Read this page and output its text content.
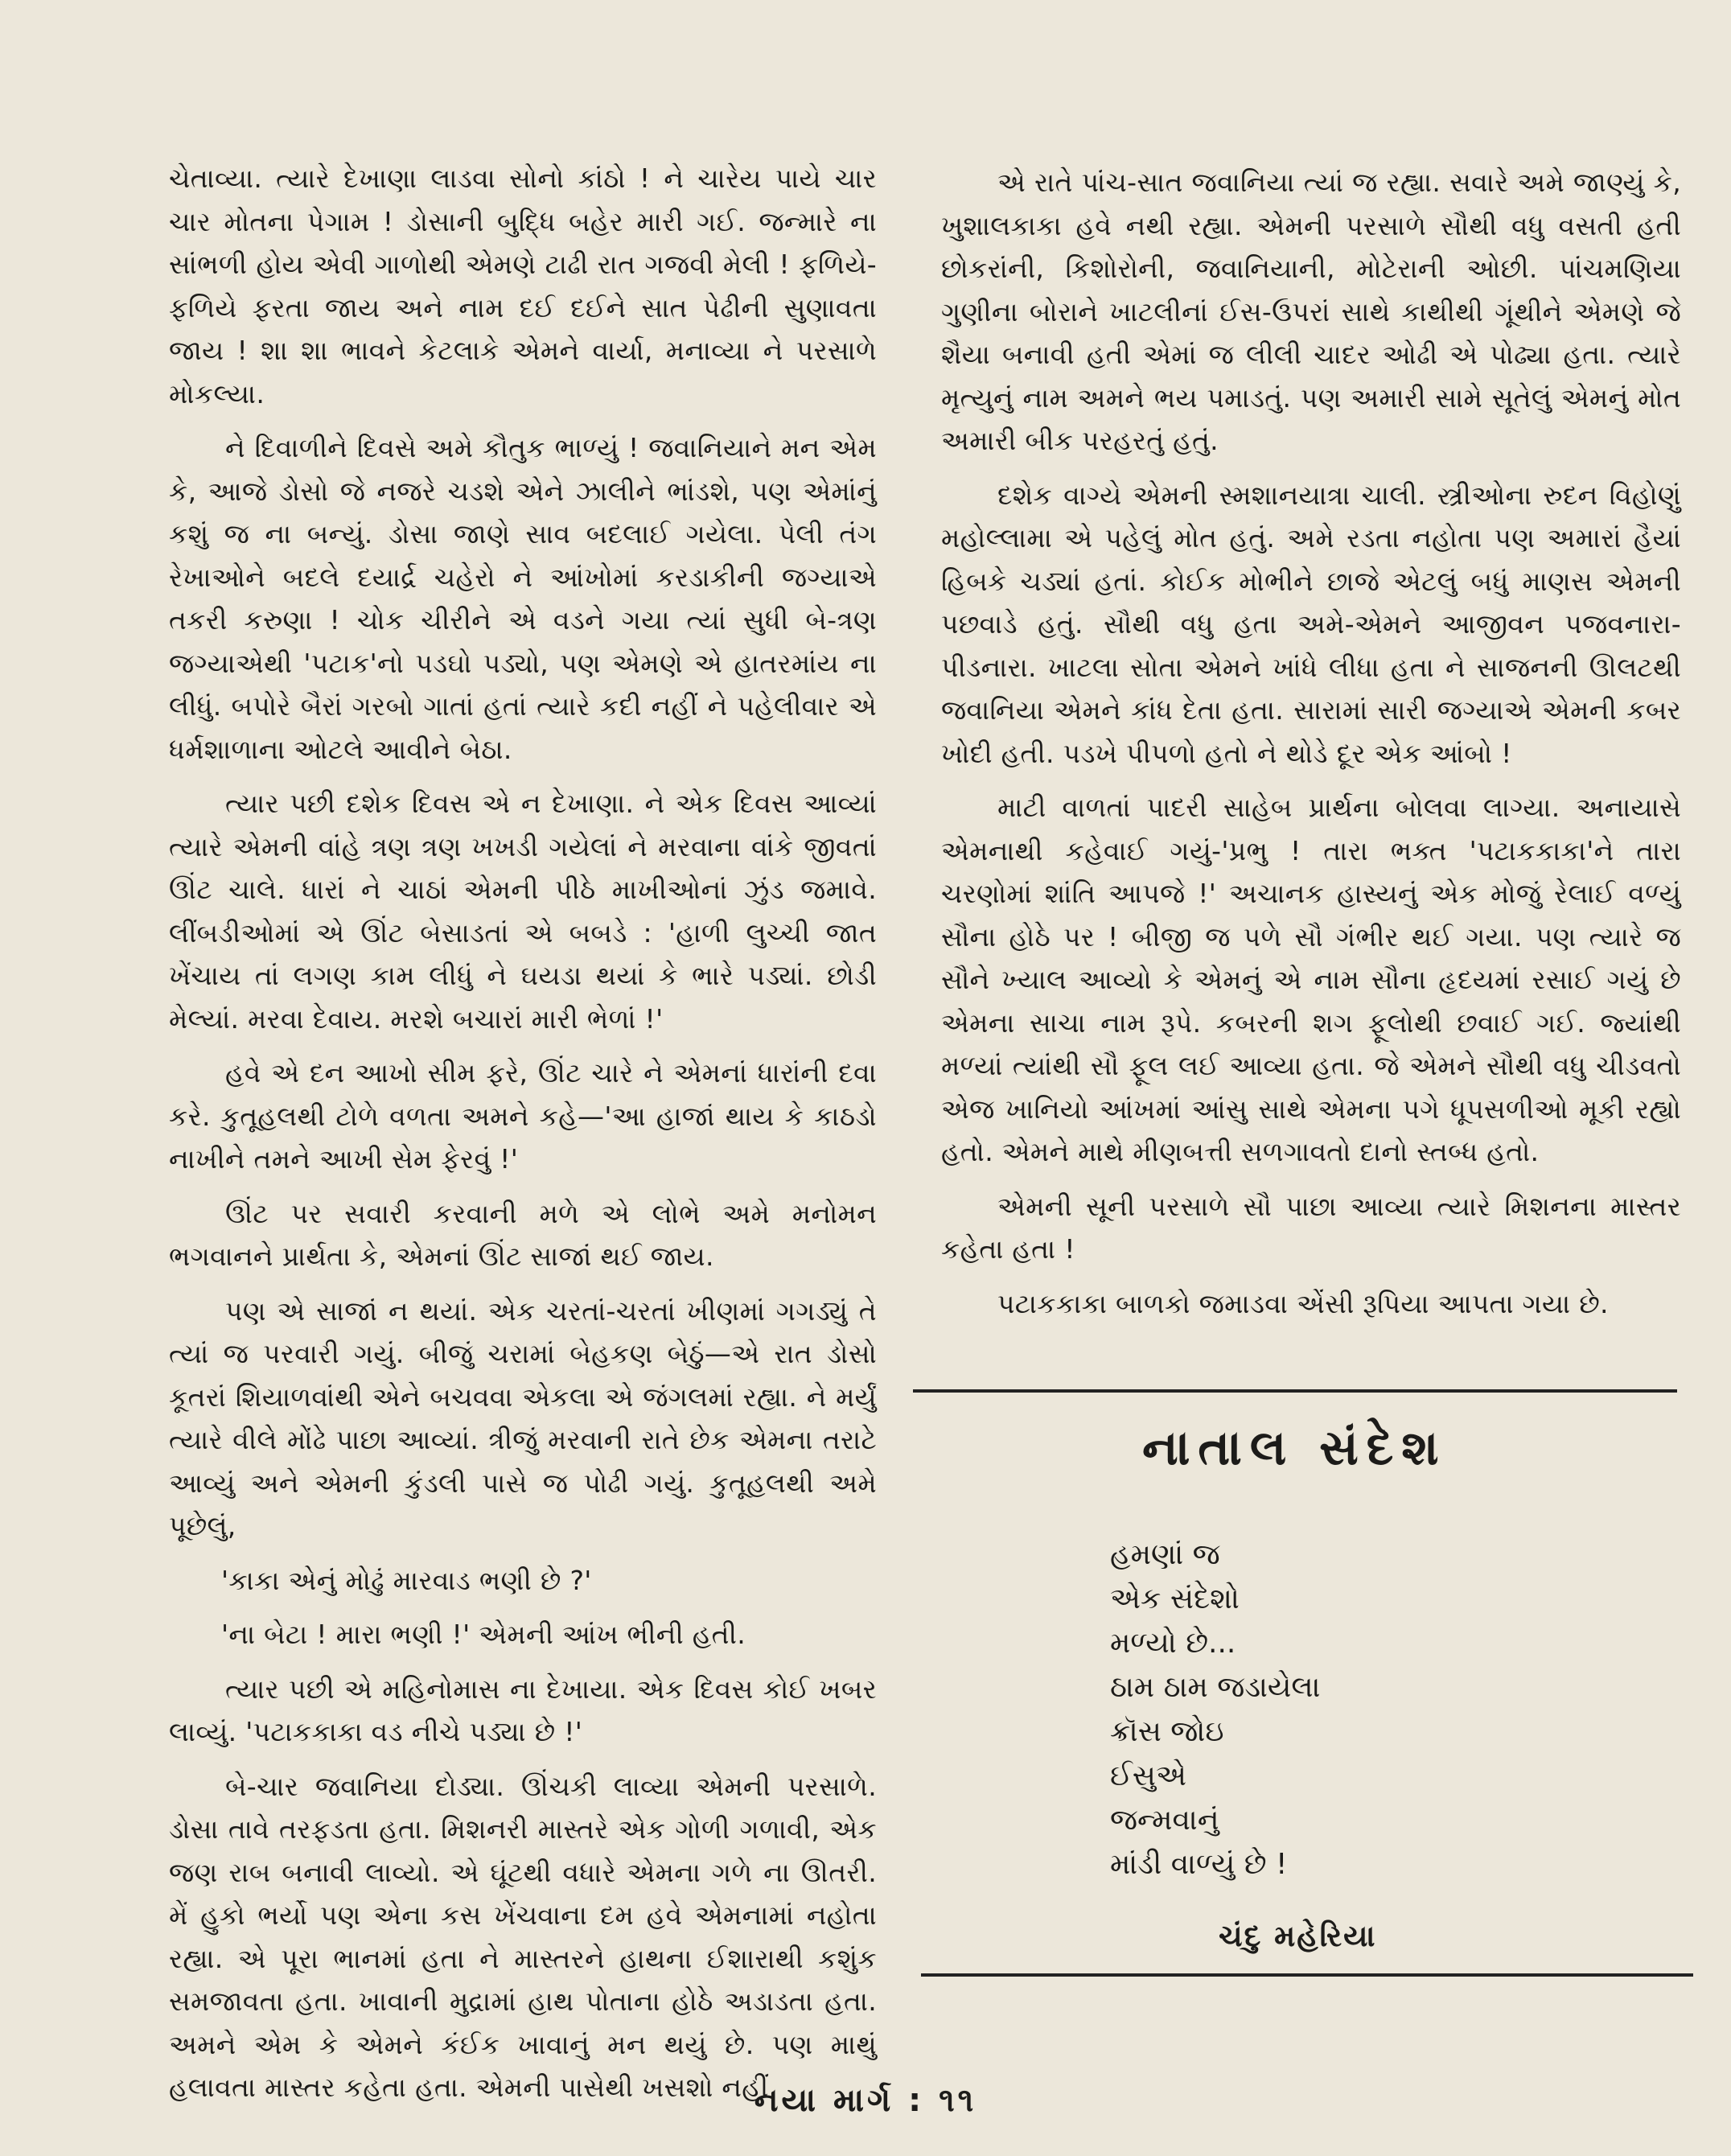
ચેતાવ્યા. ત્યારે દેખાણા લાડવા સોનો કાંઠો ! ને ચારેય પાયે ચાર ચાર મોતના પેગામ ! ડોસાની બુદ્ધિ બહેર મારી ગઈ. જન્મારે ના સાંભળી હોય એવી ગાળોથી એમણે ટાઢી રાત ગજવી મેલી ! ફળિયે-ફળિયે ફરતા જાય અને નામ દઈ દઈને સાત પેઢીની સુણાવતા જાય ! શા શા ભાવને કેટલાકે એમને વાર્યા, મનાવ્યા ને પરસાળે મોકલ્યા.

ને દિવાળીને દિવસે અમે કૌતુક ભાળ્યું ! જવાનિયાને મન એમ કે, આજે ડોસો જે નજરે ચડશે એને ઝાલીને ભાંડશે, પણ એમાંનું કશું જ ના બન્યું. ડોસા જાણે સાવ બદલાઈ ગયેલા. પેલી તંગ રેખાઓને બદલે દયાર્દ્ર ચહેરો ને આંખોમાં કરડાકીની જગ્યાએ તકરી કરુણા ! ચોક ચીરીને એ વડને ગયા ત્યાં સુધી બે-ત્રણ જગ્યાએથી 'પટાક'નો પડઘો પડ્યો, પણ એમણે એ હાતરમાંય ના લીધું. બપોરે બૈરાં ગરબો ગાતાં હતાં ત્યારે કદી નહીં ને પહેલીવાર એ ધર્મશાળાના ઓટલે આવીને બેઠા.

ત્યાર પછી દશેક દિવસ એ ન દેખાણા. ને એક દિવસ આવ્યાં ત્યારે એમની વાંહે ત્રણ ત્રણ ખખડી ગયેલાં ને મરવાના વાંકે જીવતાં ઊંટ ચાલે. ધારાં ને ચાઠાં એમની પીઠે માખીઓનાં ઝુંડ જમાવે. લીંબડીઓમાં એ ઊંટ બેસાડતાં એ બબડે : 'હાળી લુચ્ચી જાત ખેંચાય તાં લગણ કામ લીધું ને ઘયડા થયાં કે ભારે પડ્યાં. છોડી મેલ્યાં. મરવા દેવાય. મરશે બચારાં મારી ભેળાં !'

હવે એ દન આખો સીમ ફરે, ઊંટ ચારે ને એમનાં ધારાંની દવા કરે. કુતૂહલથી ટોળે વળતા અમને કહે—'આ હાજાં થાય કે કાઠડો નાખીને તમને આખી સેમ ફેરવું !'

ઊંટ પર સવારી કરવાની મળે એ લોભે અમે મનોમન ભગવાનને પ્રાર્થતા કે, એમનાં ઊંટ સાજાં થઈ જાય.

પણ એ સાજાં ન થયાં. એક ચરતાં-ચરતાં ખીણમાં ગગડ્યું તે ત્યાં જ પરવારી ગયું. બીજું ચરામાં બેહકણ બેઠું—એ રાત ડોસો કૂતરાં શિયાળવાંથી એને બચવવા એકલા એ જંગલમાં રહ્યા. ને મર્યું ત્યારે વીલે મોંઢે પાછા આવ્યાં. ત્રીજું મરવાની રાતે છેક એમના તરાટે આવ્યું અને એમની કુંડલી પાસે જ પોઢી ગયું. કુતૂહલથી અમે પૂછેલું,

'કાકા એનું મોઢું મારવાડ ભણી છે ?'

'ના બેટા ! મારા ભણી !' એમની આંખ ભીની હતી.

ત્યાર પછી એ મહિનોમાસ ના દેખાયા. એક દિવસ કોઈ ખબર લાવ્યું. 'પટાકકાકા વડ નીચે પડ્યા છે !'

બે-ચાર જવાનિયા દોડ્યા. ઊંચકી લાવ્યા એમની પરસાળે. ડોસા તાવે તરફડતા હતા. મિશનરી માસ્તરે એક ગોળી ગળાવી, એક જણ રાબ બનાવી લાવ્યો. એ ઘૂંટથી વધારે એમના ગળે ના ઊતરી. મેં હુકો ભર્યો પણ એના કસ ખેંચવાના દમ હવે એમનામાં નહોતા રહ્યા. એ પૂરા ભાનમાં હતા ને માસ્તરને હાથના ઈશારાથી કશુંક સમજાવતા હતા. ખાવાની મુદ્રામાં હાથ પોતાના હોઠે અડાડતા હતા. અમને એમ કે એમને કંઈક ખાવાનું મન થયું છે. પણ માથું હલાવતા માસ્તર કહેતા હતા. એમની પાસેથી ખસશો નહીં.

એ રાતે પાંચ-સાત જવાનિયા ત્યાં જ રહ્યા. સવારે અમે જાણ્યું કે, ખુશાલકાકા હવે નથી રહ્યા. એમની પરસાળે સૌથી વધુ વસતી હતી છોકરાંની, કિશોરોની, જવાનિયાની, મોટેરાની ઓછી. પાંચમણિયા ગુણીના બોરાને ખાટલીનાં ઈસ-ઉપરાં સાથે કાથીથી ગૂંથીને એમણે જે શૈયા બનાવી હતી એમાં જ લીલી ચાદર ઓઢી એ પોઢ્યા હતા. ત્યારે મૃત્યુનું નામ અમને ભય પમાડતું. પણ અમારી સામે સૂતેલું એમનું મોત અમારી બીક પરહરતું હતું.

દશેક વાગ્યે એમની સ્મશાનયાત્રા ચાલી. સ્ત્રીઓના રુદન વિહોણું મહોલ્લામા એ પહેલું મોત હતું. અમે રડતા નહોતા પણ અમારાં હૈયાં હિબકે ચડ્યાં હતાં. કોઈક મોભીને છાજે એટલું બધું માણસ એમની પછવાડે હતું. સૌથી વધુ હતા અમે-એમને આજીવન પજવનારા-પીડનારા. ખાટલા સોતા એમને ખાંધે લીધા હતા ને સાજનની ઊલટથી જવાનિયા એમને કાંધ દેતા હતા. સારામાં સારી જગ્યાએ એમની કબર ખોદી હતી. પડખે પીપળો હતો ને થોડે દૂર એક આંબો !

માટી વાળતાં પાદરી સાહેબ પ્રાર્થના બોલવા લાગ્યા. અનાયાસે એમનાથી કહેવાઈ ગયું-'પ્રભુ ! તારા ભક્ત 'પટાકકાકા'ને તારા ચરણોમાં શાંતિ આપજે !' અચાનક હાસ્યનું એક મોજું રેલાઈ વળ્યું સૌના હોઠે પર ! બીજી જ પળે સૌ ગંભીર થઈ ગયા. પણ ત્યારે જ સૌને ખ્યાલ આવ્યો કે એમનું એ નામ સૌના હૃદયમાં રસાઈ ગયું છે એમના સાચા નામ રૂપે. કબરની શગ ફૂલોથી છવાઈ ગઈ. જ્યાંથી મળ્યાં ત્યાંથી સૌ ફૂલ લઈ આવ્યા હતા. જે એમને સૌથી વધુ ચીડવતો એજ ખાનિયો આંખમાં આંસુ સાથે એમના પગે ધૂપસળીઓ મૂકી રહ્યો હતો. એમને માથે મીણબત્તી સળગાવતો દાનો સ્તબ્ધ હતો.

એમની સૂની પરસાળે સૌ પાછા આવ્યા ત્યારે મિશનના માસ્તર કહેતા હતા !

પટાકકાકા બાળકો જમાડવા એંસી રૂપિયા આપતા ગયા છે.

નાતાલ સંદેશ
હમણાં જ
એક સંદેશો
મળ્યો છે...
ઠામ ઠામ જડાયેલા
ક્રૉસ જોઇ
ઈસુએ
જન્મવાનું
માંડી વાળ્યું છે !
ચંદુ મહેરિયા
નયા માર્ગ : ૧૧
